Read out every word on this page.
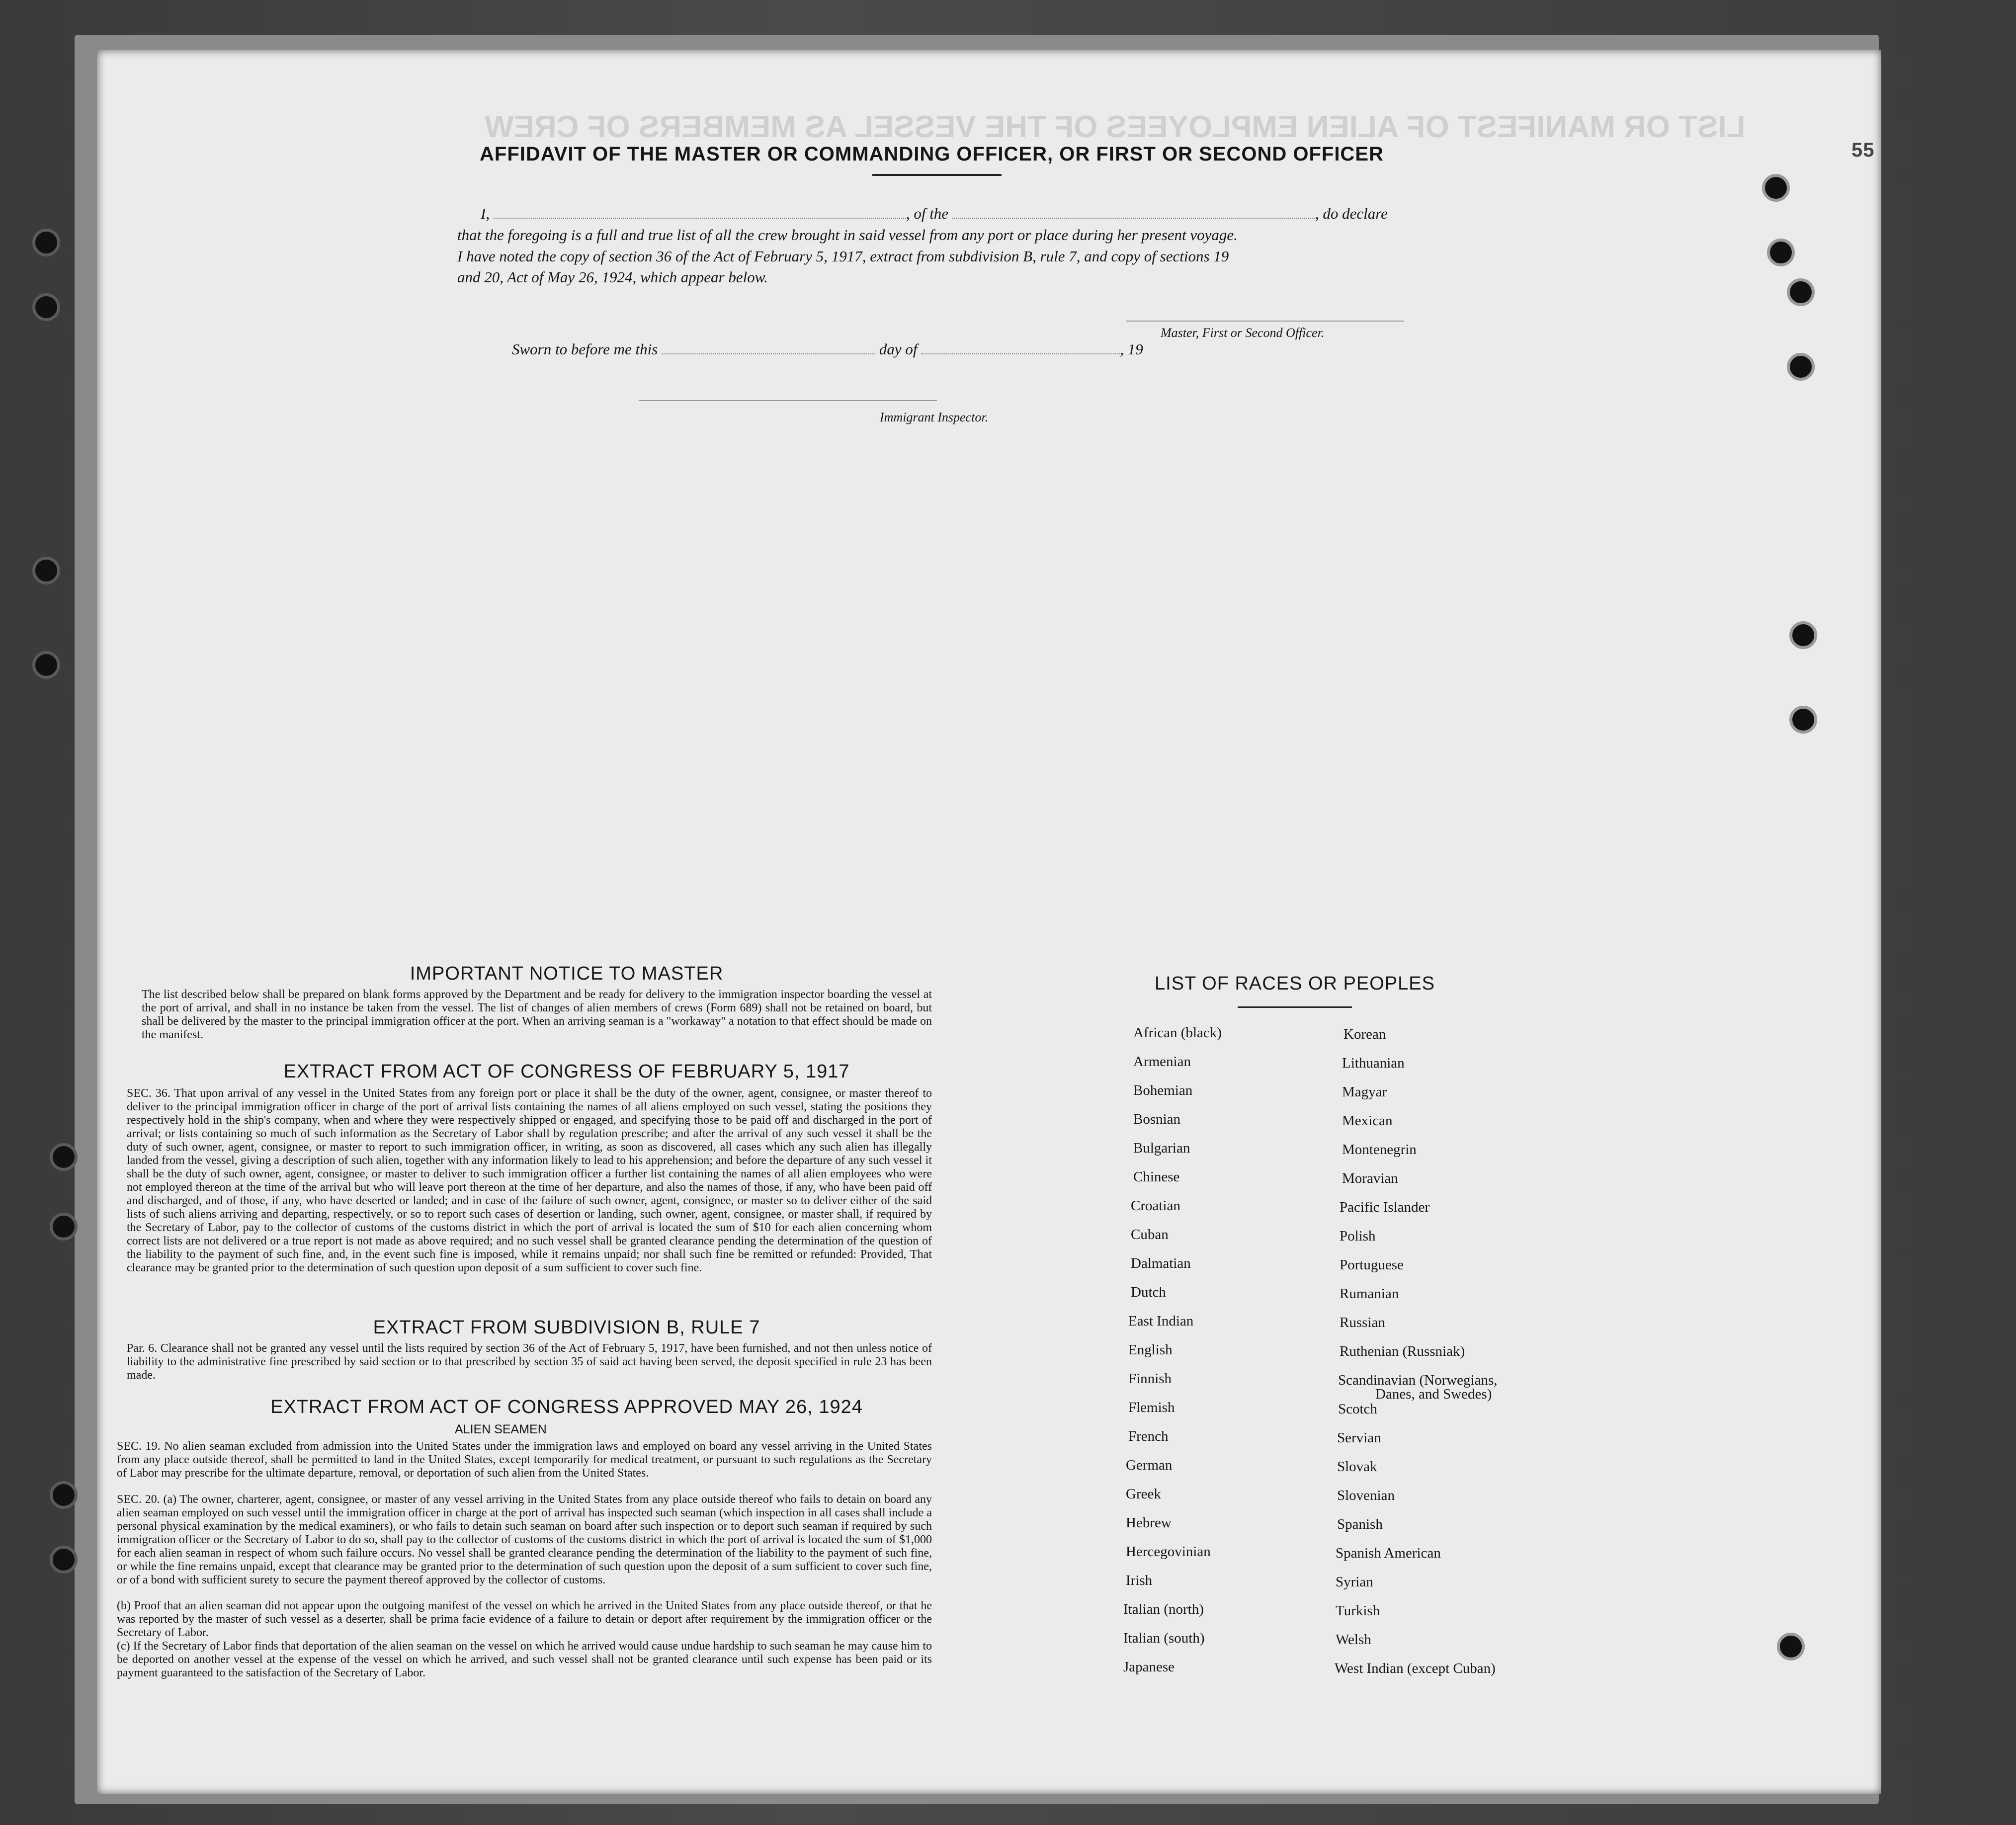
LIST OR MANIFEST OF ALIEN EMPLOYEES OF THE VESSEL AS MEMBERS OF CREW
55
AFFIDAVIT OF THE MASTER OR COMMANDING OFFICER, OR FIRST OR SECOND OFFICER
I,	, of the	, do declare
that the foregoing is a full and true list of all the crew brought in said vessel from any port or place during her present voyage.
I have noted the copy of section 36 of the Act of February 5, 1917, extract from subdivision B, rule 7, and copy of sections 19
and 20, Act of May 26, 1924, which appear below.
Master, First or Second Officer.
Sworn to before me this	day of	, 19
Immigrant Inspector.
IMPORTANT NOTICE TO MASTER
The list described below shall be prepared on blank forms approved by the Department and be ready for delivery to the immigration inspector boarding the vessel at the port of arrival, and shall in no instance be taken from the vessel. The list of changes of alien members of crews (Form 689) shall not be retained on board, but shall be delivered by the master to the principal immigration officer at the port. When an arriving seaman is a "workaway" a notation to that effect should be made on the manifest.
EXTRACT FROM ACT OF CONGRESS OF FEBRUARY 5, 1917
SEC. 36. That upon arrival of any vessel in the United States from any foreign port or place it shall be the duty of the owner, agent, consignee, or master thereof to deliver to the principal immigration officer in charge of the port of arrival lists containing the names of all aliens employed on such vessel, stating the positions they respectively hold in the ship's company, when and where they were respectively shipped or engaged, and specifying those to be paid off and discharged in the port of arrival; or lists containing so much of such information as the Secretary of Labor shall by regulation prescribe; and after the arrival of any such vessel it shall be the duty of such owner, agent, consignee, or master to report to such immigration officer, in writing, as soon as discovered, all cases which any such alien has illegally landed from the vessel, giving a description of such alien, together with any information likely to lead to his apprehension; and before the departure of any such vessel it shall be the duty of such owner, agent, consignee, or master to deliver to such immigration officer a further list containing the names of all alien employees who were not employed thereon at the time of the arrival but who will leave port thereon at the time of her departure, and also the names of those, if any, who have been paid off and discharged, and of those, if any, who have deserted or landed; and in case of the failure of such owner, agent, consignee, or master so to deliver either of the said lists of such aliens arriving and departing, respectively, or so to report such cases of desertion or landing, such owner, agent, consignee, or master shall, if required by the Secretary of Labor, pay to the collector of customs of the customs district in which the port of arrival is located the sum of $10 for each alien concerning whom correct lists are not delivered or a true report is not made as above required; and no such vessel shall be granted clearance pending the determination of the question of the liability to the payment of such fine, and, in the event such fine is imposed, while it remains unpaid; nor shall such fine be remitted or refunded: Provided, That clearance may be granted prior to the determination of such question upon deposit of a sum sufficient to cover such fine.
EXTRACT FROM SUBDIVISION B, RULE 7
Par. 6. Clearance shall not be granted any vessel until the lists required by section 36 of the Act of February 5, 1917, have been furnished, and not then unless notice of liability to the administrative fine prescribed by said section or to that prescribed by section 35 of said act having been served, the deposit specified in rule 23 has been made.
EXTRACT FROM ACT OF CONGRESS APPROVED MAY 26, 1924
ALIEN SEAMEN
SEC. 19. No alien seaman excluded from admission into the United States under the immigration laws and employed on board any vessel arriving in the United States from any place outside thereof, shall be permitted to land in the United States, except temporarily for medical treatment, or pursuant to such regulations as the Secretary of Labor may prescribe for the ultimate departure, removal, or deportation of such alien from the United States.
SEC. 20. (a) The owner, charterer, agent, consignee, or master of any vessel arriving in the United States from any place outside thereof who fails to detain on board any alien seaman employed on such vessel until the immigration officer in charge at the port of arrival has inspected such seaman (which inspection in all cases shall include a personal physical examination by the medical examiners), or who fails to detain such seaman on board after such inspection or to deport such seaman if required by such immigration officer or the Secretary of Labor to do so, shall pay to the collector of customs of the customs district in which the port of arrival is located the sum of $1,000 for each alien seaman in respect of whom such failure occurs. No vessel shall be granted clearance pending the determination of the liability to the payment of such fine, or while the fine remains unpaid, except that clearance may be granted prior to the determination of such question upon the deposit of a sum sufficient to cover such fine, or of a bond with sufficient surety to secure the payment thereof approved by the collector of customs.
(b) Proof that an alien seaman did not appear upon the outgoing manifest of the vessel on which he arrived in the United States from any place outside thereof, or that he was reported by the master of such vessel as a deserter, shall be prima facie evidence of a failure to detain or deport after requirement by the immigration officer or the Secretary of Labor.
(c) If the Secretary of Labor finds that deportation of the alien seaman on the vessel on which he arrived would cause undue hardship to such seaman he may cause him to be deported on another vessel at the expense of the vessel on which he arrived, and such vessel shall not be granted clearance until such expense has been paid or its payment guaranteed to the satisfaction of the Secretary of Labor.
LIST OF RACES OR PEOPLES
African (black)
Armenian
Bohemian
Bosnian
Bulgarian
Chinese
Croatian
Cuban
Dalmatian
Dutch
East Indian
English
Finnish
Flemish
French
German
Greek
Hebrew
Hercegovinian
Irish
Italian (north)
Italian (south)
Japanese
Korean
Lithuanian
Magyar
Mexican
Montenegrin
Moravian
Pacific Islander
Polish
Portuguese
Rumanian
Russian
Ruthenian (Russniak)
Scandinavian (Norwegians,
Danes, and Swedes)
Scotch
Servian
Slovak
Slovenian
Spanish
Spanish American
Syrian
Turkish
Welsh
West Indian (except Cuban)
